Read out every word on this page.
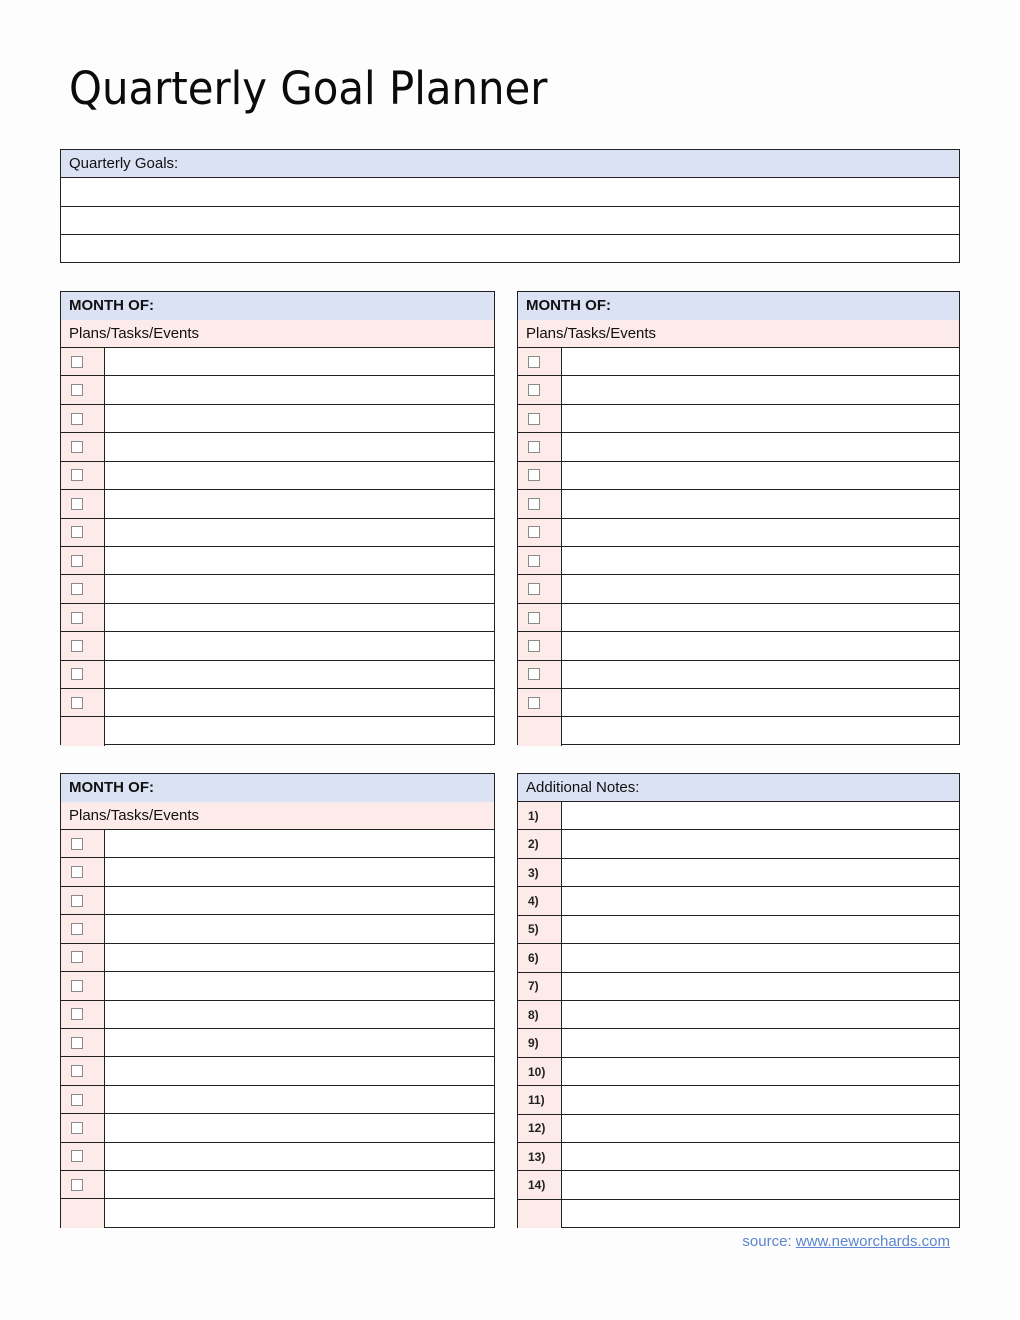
Quarterly Goal Planner
Quarterly Goals:
MONTH OF:
Plans/Tasks/Events
MONTH OF:
Plans/Tasks/Events
MONTH OF:
Plans/Tasks/Events
Additional Notes:
1)
2)
3)
4)
5)
6)
7)
8)
9)
10)
11)
12)
13)
14)
source: www.neworchards.com
